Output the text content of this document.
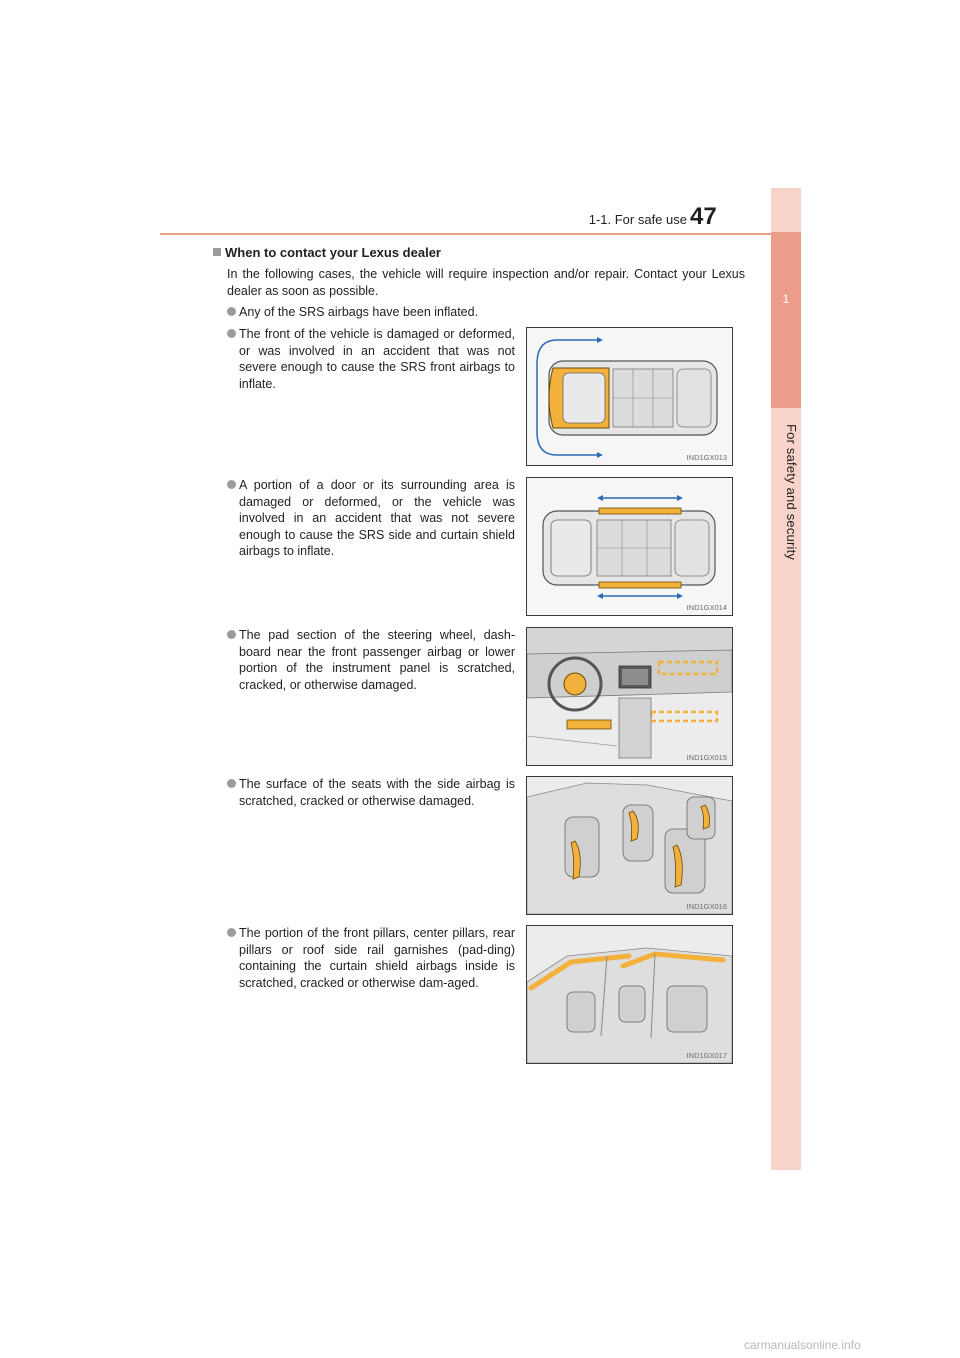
1-1. For safe use 47
1
For safety and security
When to contact your Lexus dealer
In the following cases, the vehicle will require inspection and/or repair. Contact your Lexus dealer as soon as possible.
Any of the SRS airbags have been inflated.
The front of the vehicle is damaged or deformed, or was involved in an accident that was not severe enough to cause the SRS front airbags to inflate.
A portion of a door or its surrounding area is damaged or deformed, or the vehicle was involved in an accident that was not severe enough to cause the SRS side and curtain shield airbags to inflate.
The pad section of the steering wheel, dash-board near the front passenger airbag or lower portion of the instrument panel is scratched, cracked, or otherwise damaged.
The surface of the seats with the side airbag is scratched, cracked or otherwise damaged.
The portion of the front pillars, center pillars, rear pillars or roof side rail garnishes (pad-ding) containing the curtain shield airbags inside is scratched, cracked or otherwise dam-aged.
IND1GX013
IND1GX014
IND1GX015
IND1GX016
IND1GX017
carmanualsonline.info
